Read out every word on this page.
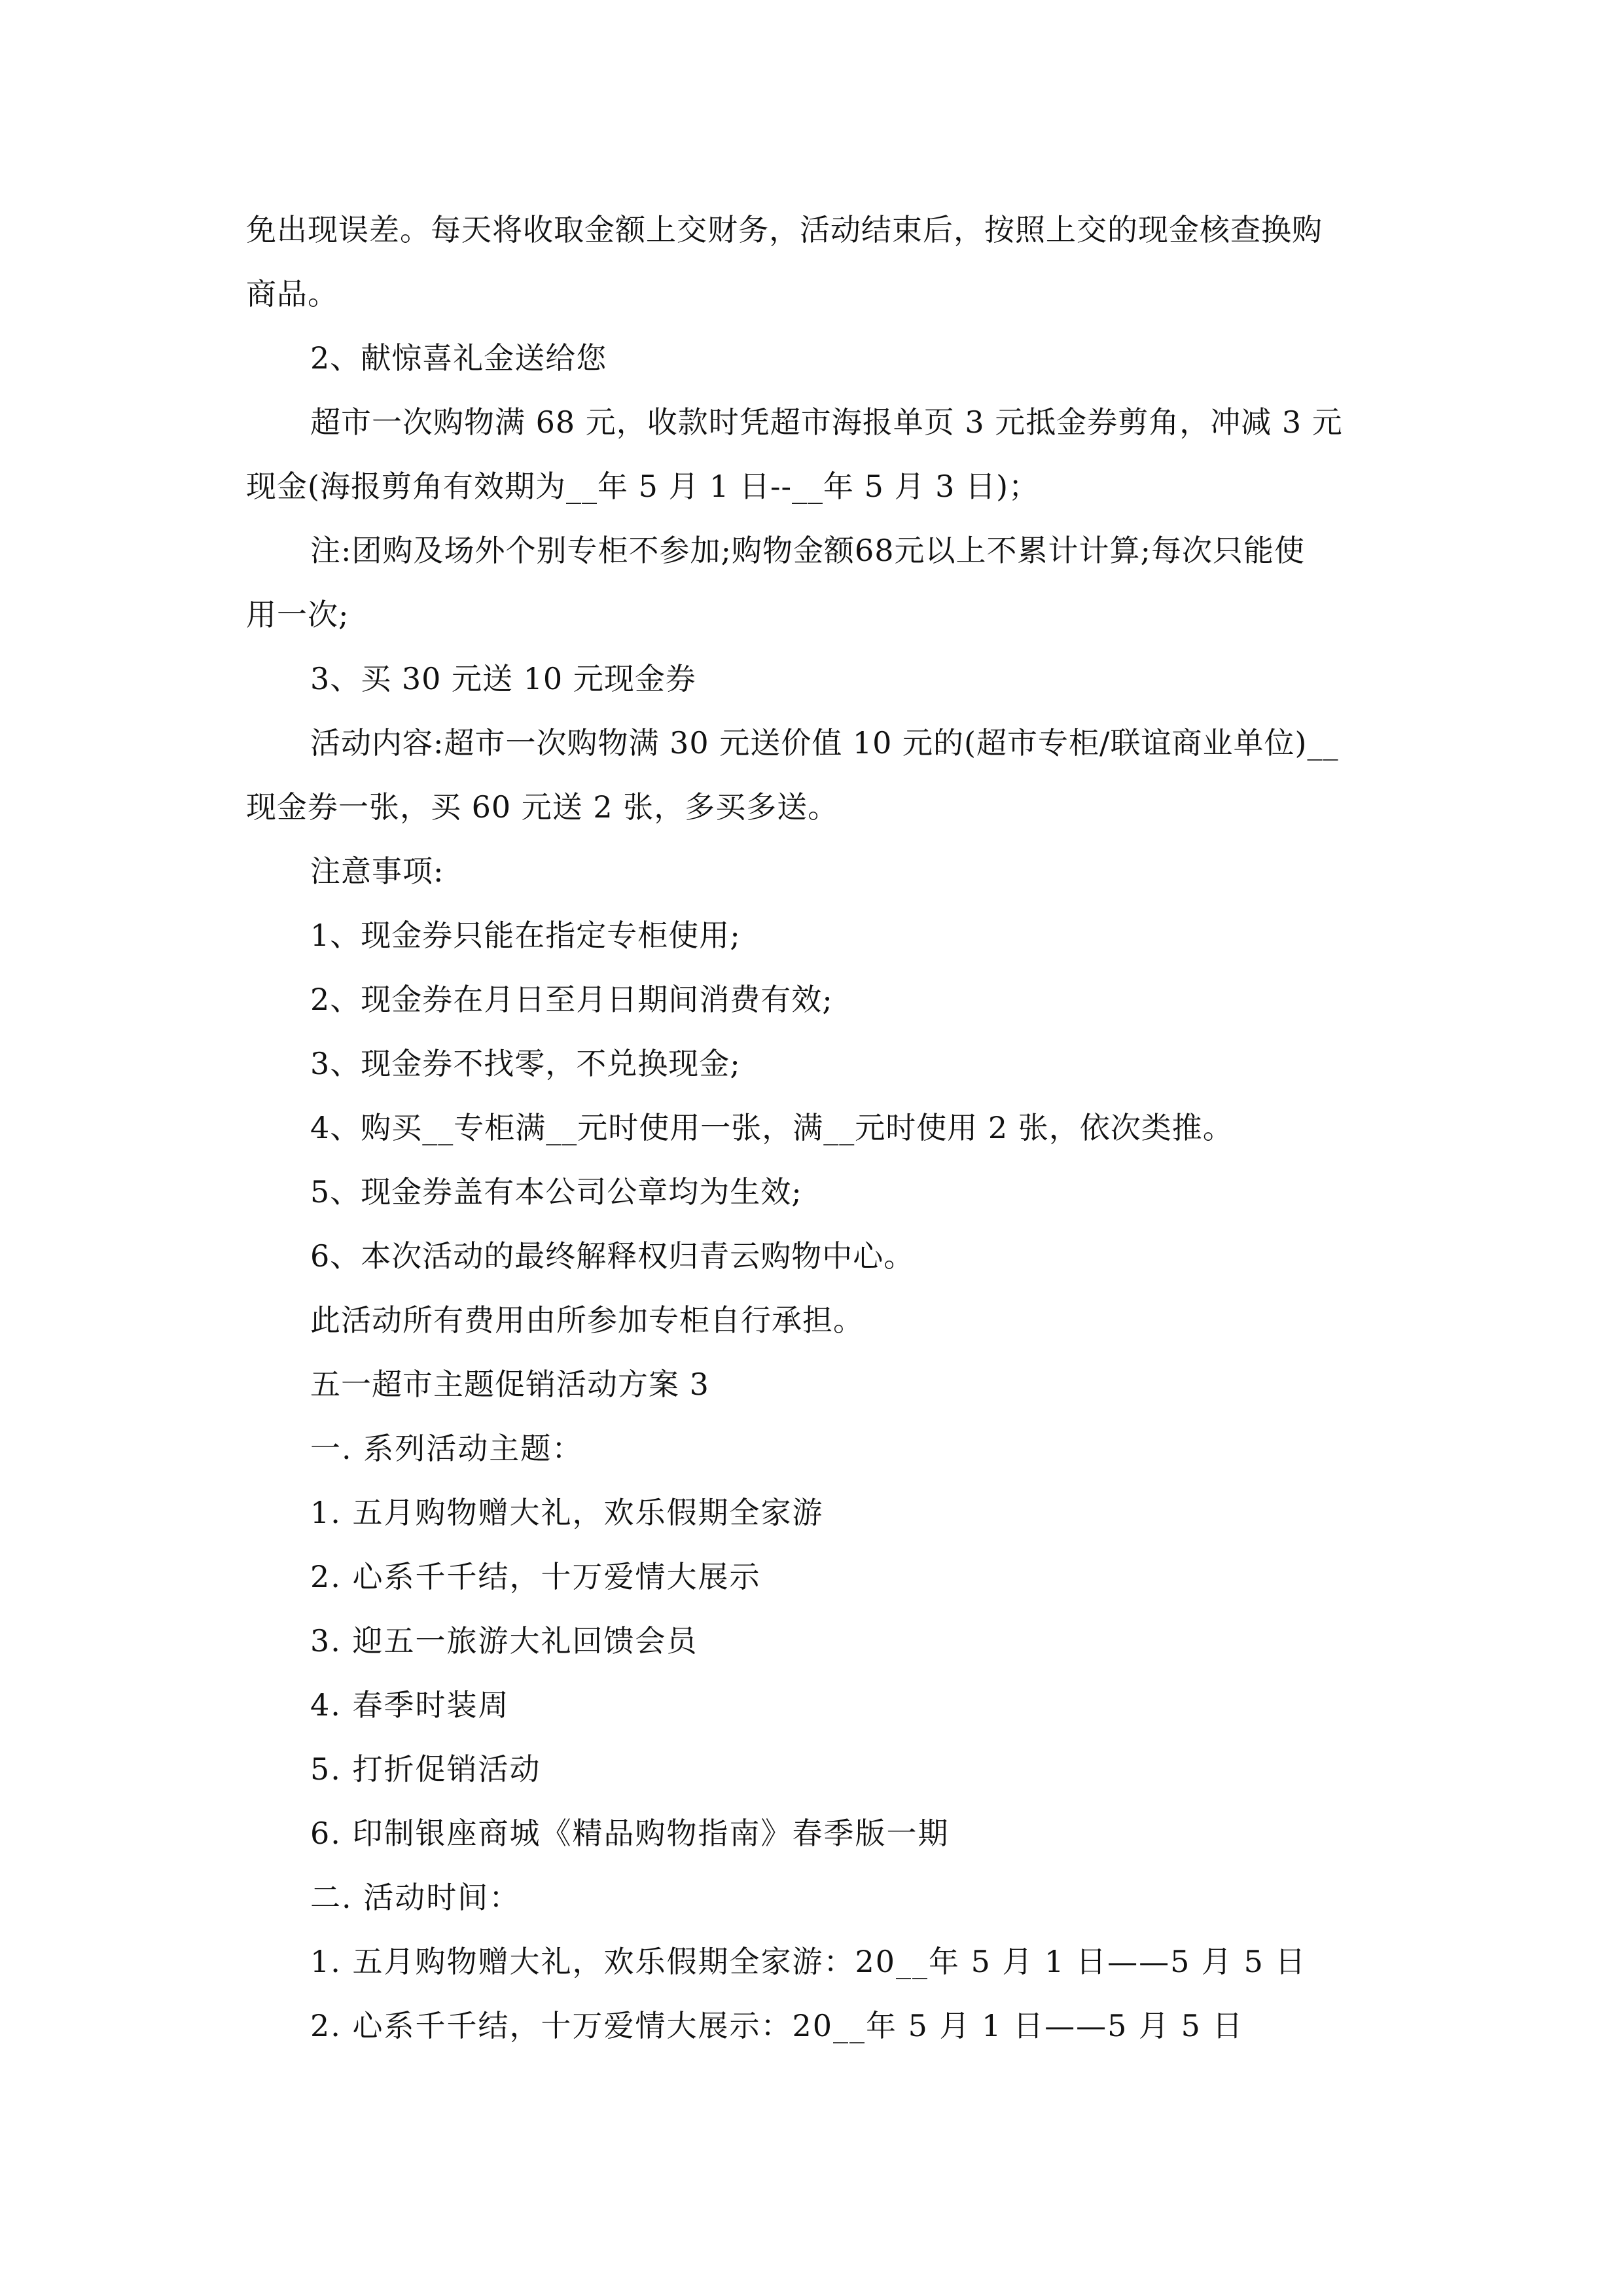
免出现误差。每天将收取金额上交财务，活动结束后，按照上交的现金核查换购
商品。
2、献惊喜礼金送给您
超市一次购物满 68 元，收款时凭超市海报单页 3 元抵金券剪角，冲减 3 元
现金(海报剪角有效期为__年 5 月 1 日--__年 5 月 3 日)；
注:团购及场外个别专柜不参加;购物金额68元以上不累计计算;每次只能使
用一次;
3、买 30 元送 10 元现金券
活动内容:超市一次购物满 30 元送价值 10 元的(超市专柜/联谊商业单位)__
现金券一张，买 60 元送 2 张，多买多送。
注意事项:
1、现金券只能在指定专柜使用;
2、现金券在月日至月日期间消费有效;
3、现金券不找零，不兑换现金;
4、购买__专柜满__元时使用一张，满__元时使用 2 张，依次类推。
5、现金券盖有本公司公章均为生效;
6、本次活动的最终解释权归青云购物中心。
此活动所有费用由所参加专柜自行承担。
五一超市主题促销活动方案 3
一. 系列活动主题：
1. 五月购物赠大礼，欢乐假期全家游
2. 心系千千结，十万爱情大展示
3. 迎五一旅游大礼回馈会员
4. 春季时装周
5. 打折促销活动
6. 印制银座商城《精品购物指南》春季版一期
二. 活动时间：
1. 五月购物赠大礼，欢乐假期全家游：20__年 5 月 1 日——5 月 5 日
2. 心系千千结，十万爱情大展示：20__年 5 月 1 日——5 月 5 日
